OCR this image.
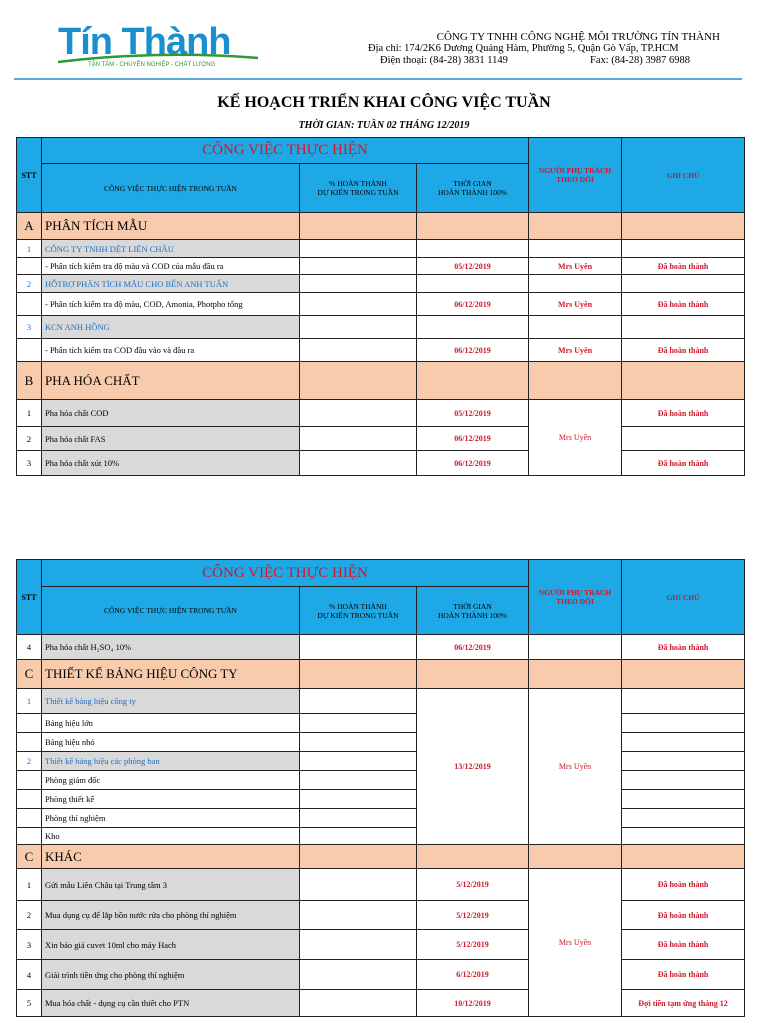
Tín Thành
TẬN TÂM - CHUYÊN NGHIỆP - CHẤT LƯỢNG
CÔNG TY TNHH CÔNG NGHỆ MÔI TRƯỜNG TÍN THÀNH
Địa chỉ: 174/2K6 Dương Quảng Hàm, Phường 5, Quận Gò Vấp, TP.HCM
Điện thoại: (84-28) 3831 1149	Fax: (84-28) 3987 6988
KẾ HOẠCH TRIỂN KHAI CÔNG VIỆC TUẦN
THỜI GIAN: TUẦN 02 THÁNG 12/2019
STT	CÔNG VIỆC THỰC HIỆN			NGƯỜI PHỤ TRÁCH
THEO DÕI	GHI CHÚ
	CÔNG VIỆC THỰC HIỆN TRONG TUẦN	% HOÀN THÀNH
DỰ KIẾN TRONG TUẦN	THỜI GIAN
HOÀN THÀNH 100%		
A	PHÂN TÍCH MẪU				
1	CÔNG TY TNHH DỆT LIÊN CHÂU				
	- Phân tích kiểm tra độ màu và COD của mẫu đầu ra		05/12/2019	Mrs Uyên	Đã hoàn thành
2	HỖTRỢ PHÂN TÍCH MẪU CHO BẾN ANH TUẤN				
	- Phân tích kiểm tra độ màu, COD, Amonia, Photpho tổng		06/12/2019	Mrs Uyên	Đã hoàn thành
3	KCN ANH HỒNG				
	- Phân tích kiểm tra COD đầu vào và đầu ra		06/12/2019	Mrs Uyên	Đã hoàn thành
B	PHA HÓA CHẤT				
1	Pha hóa chất COD		05/12/2019	Mrs Uyên	Đã hoàn thành
2	Pha hóa chất FAS		06/12/2019		
3	Pha hóa chất xút 10%		06/12/2019		Đã hoàn thành
STT	CÔNG VIỆC THỰC HIỆN			NGƯỜI PHỤ TRÁCH
THEO DÕI	GHI CHÚ
	CÔNG VIỆC THỰC HIỆN TRONG TUẦN	% HOÀN THÀNH
DỰ KIẾN TRONG TUẦN	THỜI GIAN
HOÀN THÀNH 100%		
4	Pha hóa chất H₂SO₄ 10%		06/12/2019		Đã hoàn thành
C	THIẾT KẾ BẢNG HIỆU CÔNG TY				
1	Thiết kế bảng hiệu công ty		13/12/2019	Mrs Uyên	
	Bảng hiệu lớn				
	Bảng hiệu nhỏ				
2	Thiết kế bảng hiệu các phòng ban				
	Phòng giám đốc				
	Phòng thiết kế				
	Phòng thí nghiệm				
	Kho				
C	KHÁC				
1	Gửi mẫu Liên Châu tại Trung tâm 3		5/12/2019	Mrs Uyên	Đã hoàn thành
2	Mua dụng cụ để lắp bồn nước rửa cho phòng thí nghiệm		5/12/2019		Đã hoàn thành
3	Xin báo giá cuvet 10ml cho máy Hach		5/12/2019		Đã hoàn thành
4	Giải trình tiền ứng cho phòng thí nghiệm		6/12/2019		Đã hoàn thành
5	Mua hóa chất - dụng cụ cần thiết cho PTN		10/12/2019		Đợi tiền tạm ứng tháng 12
